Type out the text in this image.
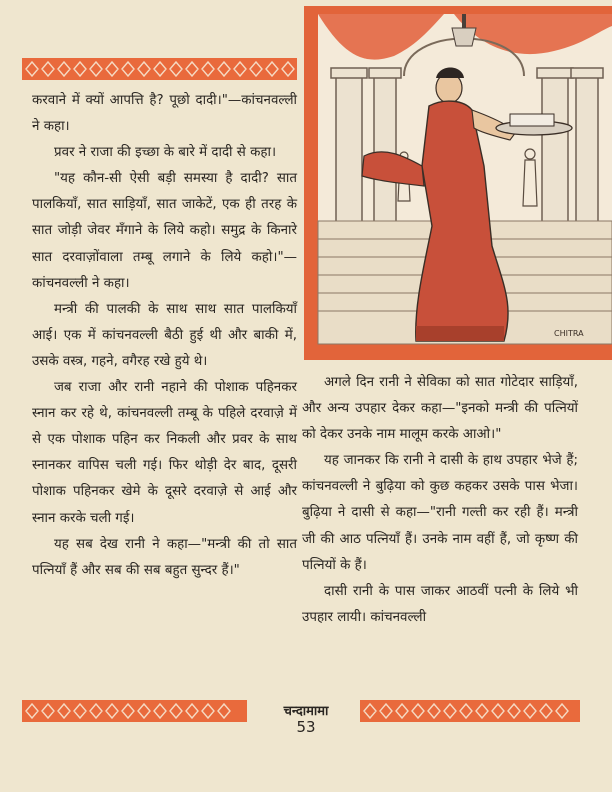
करवाने में क्यों आपत्ति है? पूछो दादी।"—कांचनवल्ली ने कहा।

प्रवर ने राजा की इच्छा के बारे में दादी से कहा।

"यह कौन-सी ऐसी बड़ी समस्या है दादी? सात पालकियाँ, सात साड़ियाँ, सात जाकेटें, एक ही तरह के सात जोड़ी जेवर मँगाने के लिये कहो। समुद्र के किनारे सात दरवाज़ोंवाला तम्बू लगाने के लिये कहो।"—कांचनवल्ली ने कहा।

मन्त्री की पालकी के साथ साथ सात पालकियाँ आई। एक में कांचनवल्ली बैठी हुई थी और बाकी में, उसके वस्त्र, गहने, वगैरह रखे हुये थे।

जब राजा और रानी नहाने की पोशाक पहिनकर स्नान कर रहे थे, कांचनवल्ली तम्बू के पहिले दरवाज़े में से एक पोशाक पहिन कर निकली और प्रवर के साथ स्नानकर वापिस चली गई। फिर थोड़ी देर बाद, दूसरी पोशाक पहिनकर खेमे के दूसरे दरवाज़े से आई और स्नान करके चली गई।

यह सब देख रानी ने कहा—"मन्त्री की तो सात पत्नियाँ हैं और सब की सब बहुत सुन्दर हैं।"

CHITRA

अगले दिन रानी ने सेविका को सात गोटेदार साड़ियाँ, और अन्य उपहार देकर कहा—"इनको मन्त्री की पत्नियों को देकर उनके नाम मालूम करके आओ।"

यह जानकर कि रानी ने दासी के हाथ उपहार भेजे हैं; कांचनवल्ली ने बुढ़िया को कुछ कहकर उसके पास भेजा। बुढ़िया ने दासी से कहा—"रानी गल्ती कर रही हैं। मन्त्री जी की आठ पत्नियाँ हैं। उनके नाम वहीं हैं, जो कृष्ण की पत्नियों के हैं।

दासी रानी के पास जाकर आठवीं पत्नी के लिये भी उपहार लायी। कांचनवल्ली

चन्दामामा
53
